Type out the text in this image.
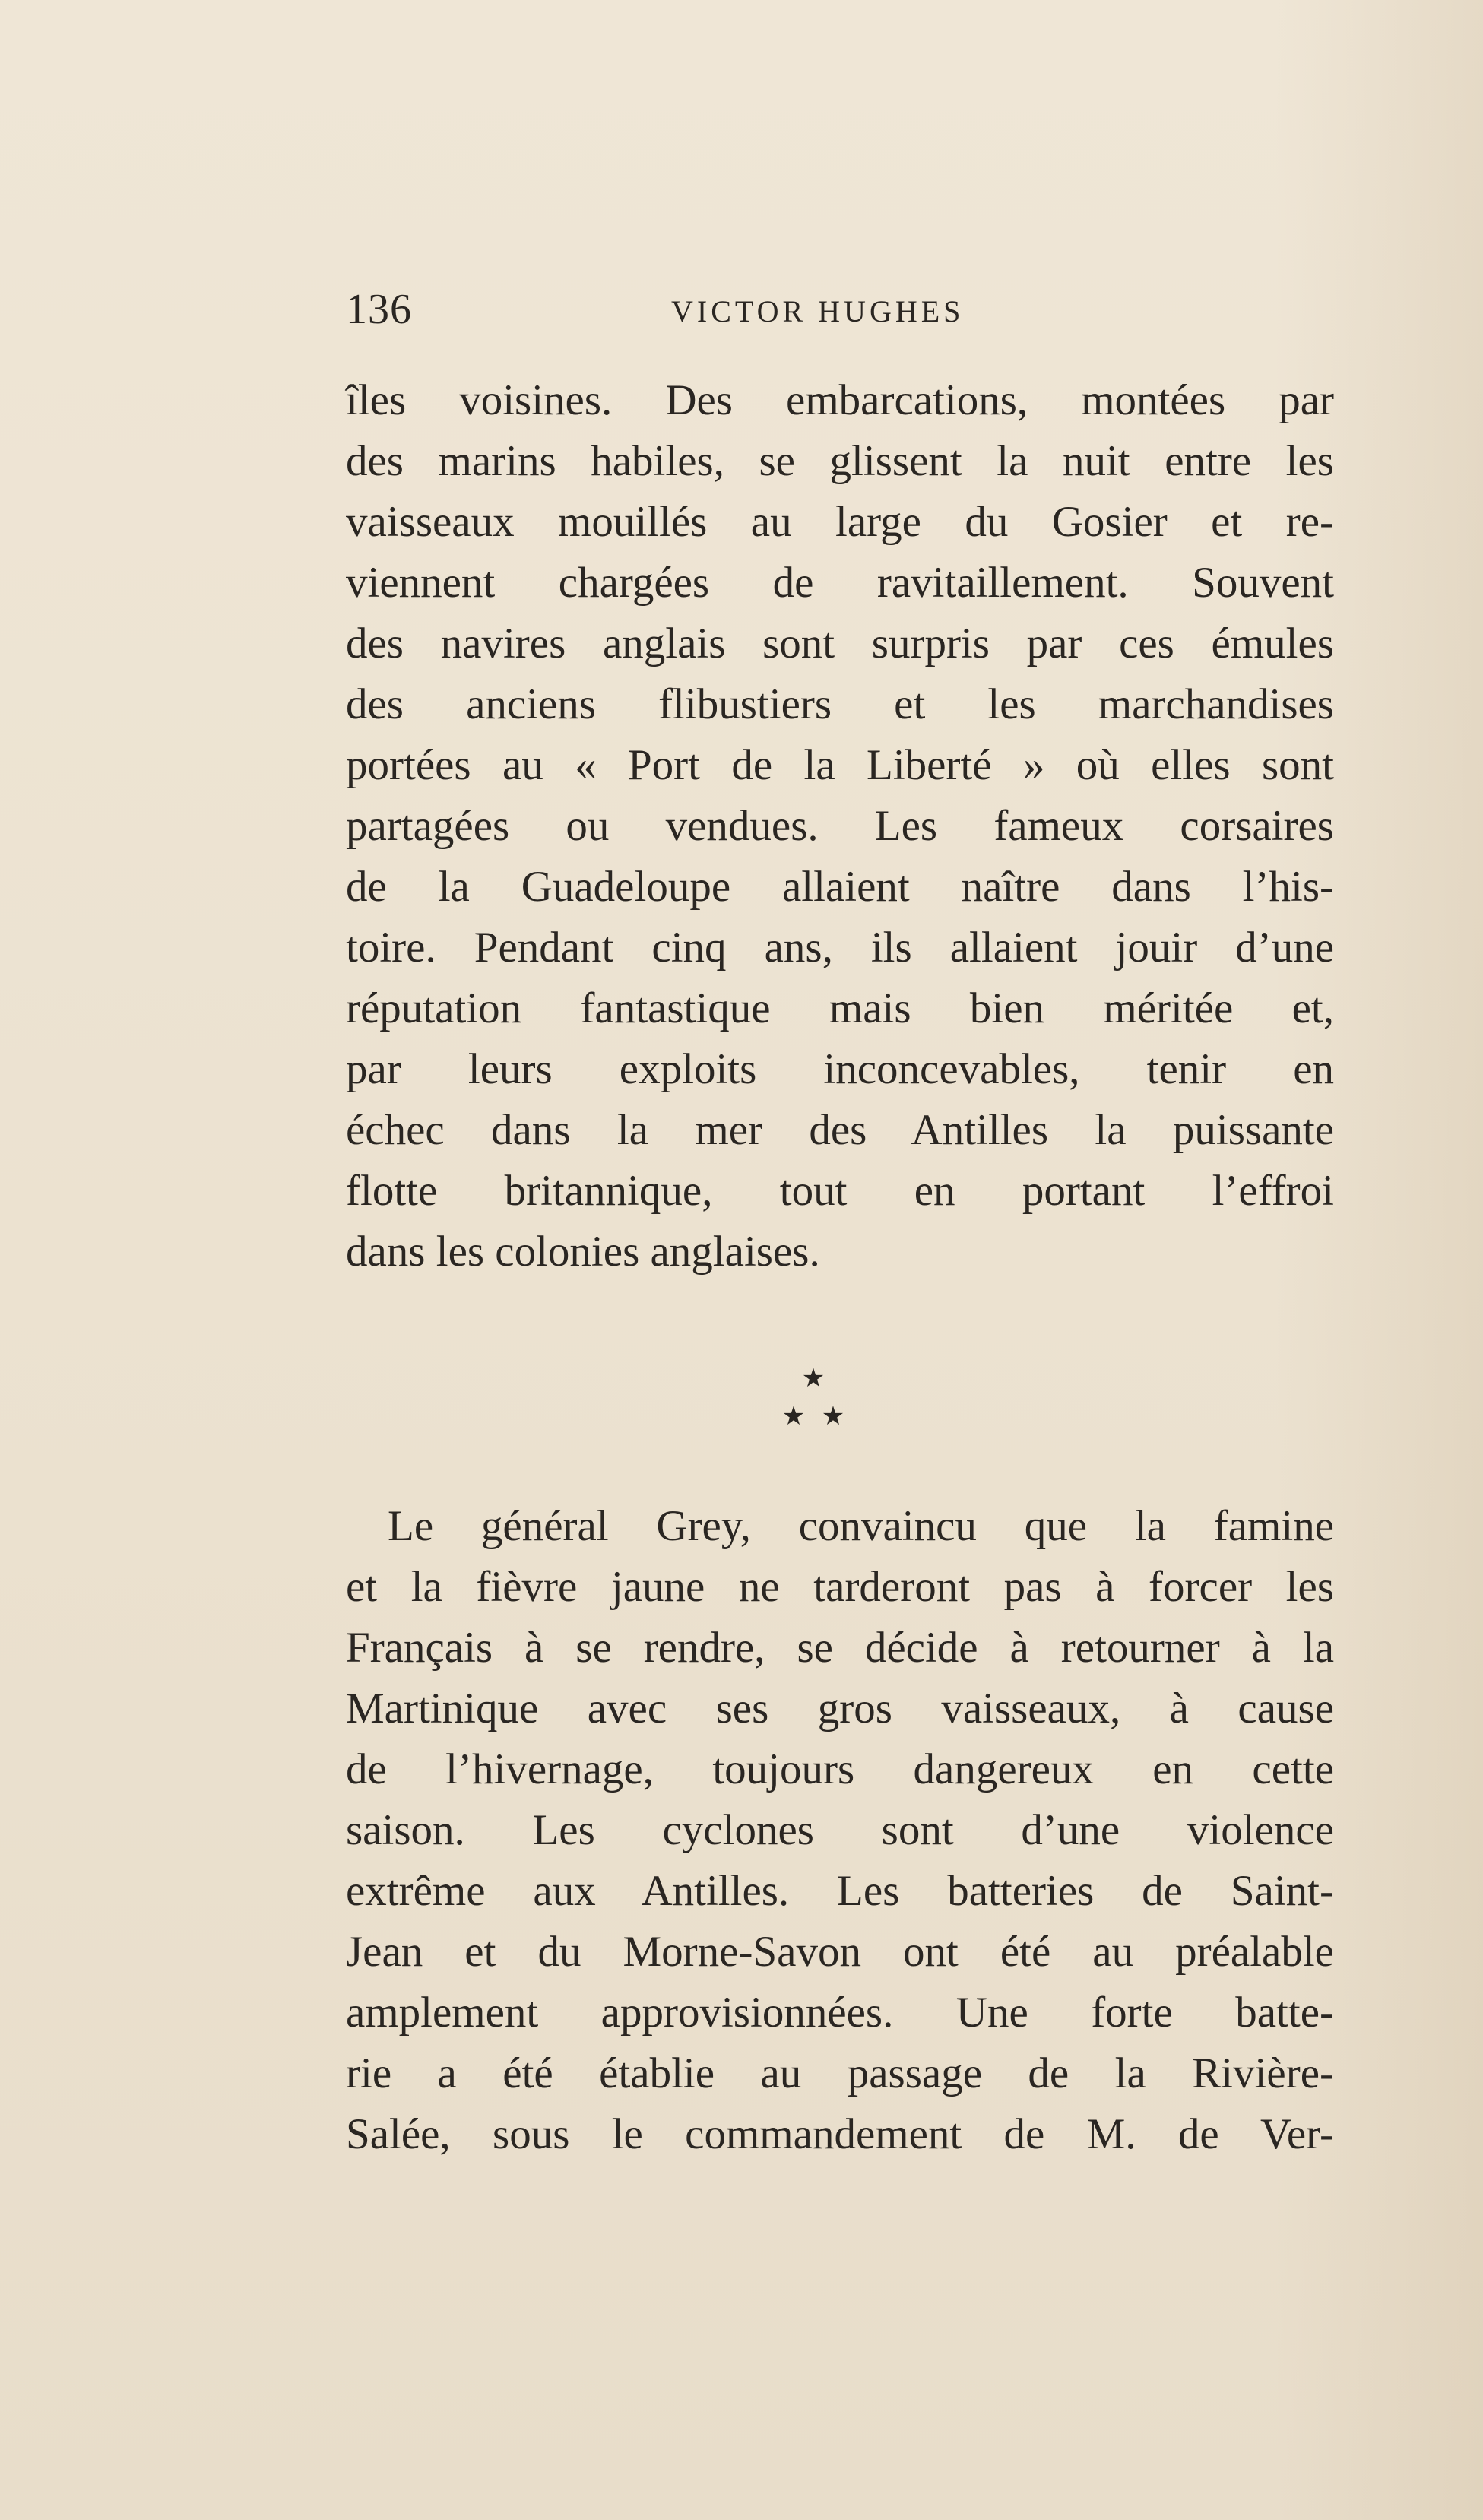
136	VICTOR HUGHES
îles voisines. Des embarcations, montées par
des marins habiles, se glissent la nuit entre les
vaisseaux mouillés au large du Gosier et re-
viennent chargées de ravitaillement. Souvent
des navires anglais sont surpris par ces émules
des anciens flibustiers et les marchandises
portées au « Port de la Liberté » où elles sont
partagées ou vendues. Les fameux corsaires
de la Guadeloupe allaient naître dans l’his-
toire. Pendant cinq ans, ils allaient jouir d’une
réputation fantastique mais bien méritée et,
par leurs exploits inconcevables, tenir en
échec dans la mer des Antilles la puissante
flotte britannique, tout en portant l’effroi
dans les colonies anglaises.
★
★ ★
Le général Grey, convaincu que la famine
et la fièvre jaune ne tarderont pas à forcer les
Français à se rendre, se décide à retourner à la
Martinique avec ses gros vaisseaux, à cause
de l’hivernage, toujours dangereux en cette
saison. Les cyclones sont d’une violence
extrême aux Antilles. Les batteries de Saint-
Jean et du Morne-Savon ont été au préalable
amplement approvisionnées. Une forte batte-
rie a été établie au passage de la Rivière-
Salée, sous le commandement de M. de Ver-
